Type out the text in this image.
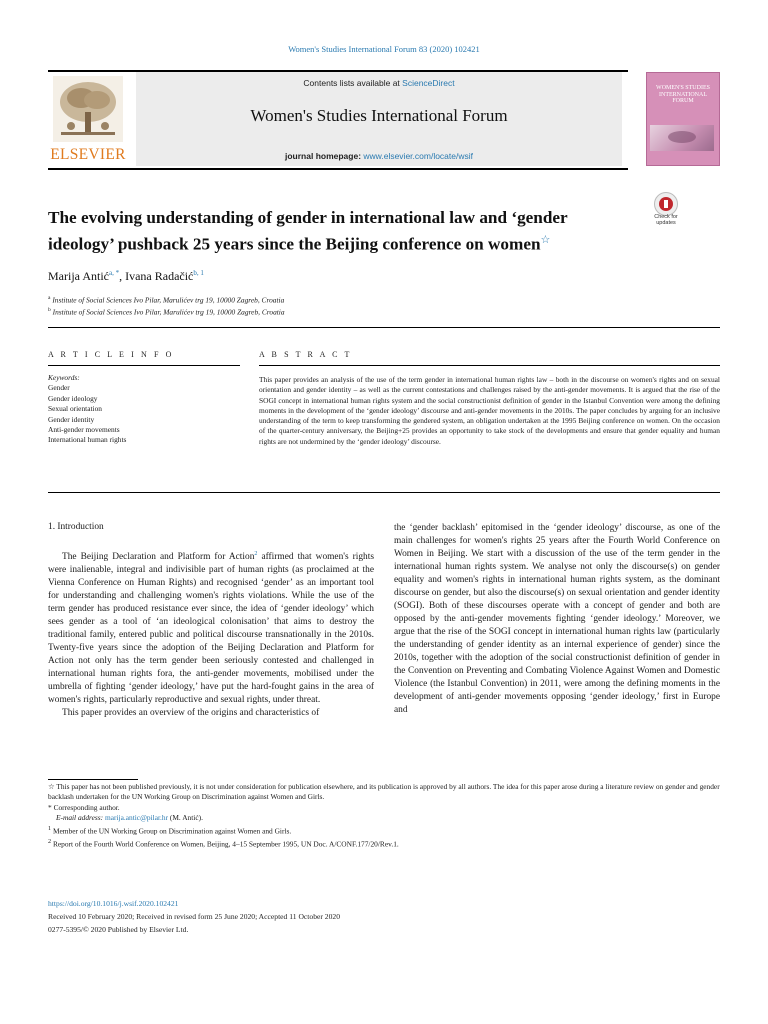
Women's Studies International Forum 83 (2020) 102421
ELSEVIER
Contents lists available at ScienceDirect
Women's Studies International Forum
journal homepage: www.elsevier.com/locate/wsif
WOMEN'S STUDIES INTERNATIONAL FORUM
The evolving understanding of gender in international law and ‘gender ideology’ pushback 25 years since the Beijing conference on women☆
Check for updates
Marija Antić$^{a, *}$, Ivana Radačić$^{b, 1}$
$^a$ Institute of Social Sciences Ivo Pilar, Marulićev trg 19, 10000 Zagreb, Croatia
$^b$ Institute of Social Sciences Ivo Pilar, Marulićev trg 19, 10000 Zagreb, Croatia
A R T I C L E I N F O	A B S T R A C T
Keywords:
Gender
Gender ideology
Sexual orientation
Gender identity
Anti-gender movements
International human rights
This paper provides an analysis of the use of the term gender in international human rights law – both in the discourse on women's rights and on sexual orientation and gender identity – as well as the current contestations and challenges raised by the anti-gender movements. It is argued that the rise of the SOGI concept in international human rights system and the social constructionist definition of gender in the Istanbul Convention were among the defining moments in the development of the ‘gender ideology’ discourse and anti-gender movements in the 2010s. The paper concludes by arguing for an inclusive understanding of the term to keep transforming the gendered system, an obligation undertaken at the 1995 Beijing conference on women. On the occasion of the quarter-century anniversary, the Beijing+25 provides an opportunity to take stock of the developments and ensure that gender equality and human rights are not undermined by the ‘gender ideology’ discourse.
1. Introduction

The Beijing Declaration and Platform for Action$^2$ affirmed that women's rights were inalienable, integral and indivisible part of human rights (as proclaimed at the Vienna Conference on Human Rights) and recognised ‘gender’ as an important tool for understanding and challenging women's rights violations. While the use of the term gender has produced resistance ever since, the idea of ‘gender ideology’ which sees gender as a tool of ‘an ideological colonisation’ that aims to destroy the traditional family, entered public and political discourse transnationally in the 2010s. Twenty-five years since the adoption of the Beijing Declaration and Platform for Action not only has the term gender been seriously contested and challenged in international human rights fora, the anti-gender movements, mobilised under the umbrella of fighting ‘gender ideology,’ have put the hard-fought gains in the area of women's rights, particularly reproductive and sexual rights, under threat.

This paper provides an overview of the origins and characteristics of

the ‘gender backlash’ epitomised in the ‘gender ideology’ discourse, as one of the main challenges for women's rights 25 years after the Fourth World Conference on Women in Beijing. We start with a discussion of the use of the term gender in the international human rights system. We analyse not only the discourse(s) on gender equality and women's rights in international human rights system, as the dominant discourse on gender, but also the discourse(s) on sexual orientation and gender identity (SOGI). Both of these discourses operate with a concept of gender and both are opposed by the anti-gender movements fighting ‘gender ideology.’ Moreover, we argue that the rise of the SOGI concept in international human rights law (particularly the understanding of gender identity as an internal experience of gender) since the 2010s, together with the adoption of the social constructionist definition of gender in the Convention on Preventing and Combating Violence Against Women and Domestic Violence (the Istanbul Convention) in 2011, were among the defining moments in the development of anti-gender movements opposing ‘gender ideology,’ first in Europe and

☆ This paper has not been published previously, it is not under consideration for publication elsewhere, and its publication is approved by all authors. The idea for this paper arose during a literature review on gender and gender backlash undertaken for the UN Working Group on Discrimination against Women and Girls.
* Corresponding author.
E-mail address: marija.antic@pilar.hr (M. Antić).
$^1$ Member of the UN Working Group on Discrimination against Women and Girls.
$^2$ Report of the Fourth World Conference on Women, Beijing, 4–15 September 1995, UN Doc. A/CONF.177/20/Rev.1.
https://doi.org/10.1016/j.wsif.2020.102421
Received 10 February 2020; Received in revised form 25 June 2020; Accepted 11 October 2020
0277-5395/© 2020 Published by Elsevier Ltd.
